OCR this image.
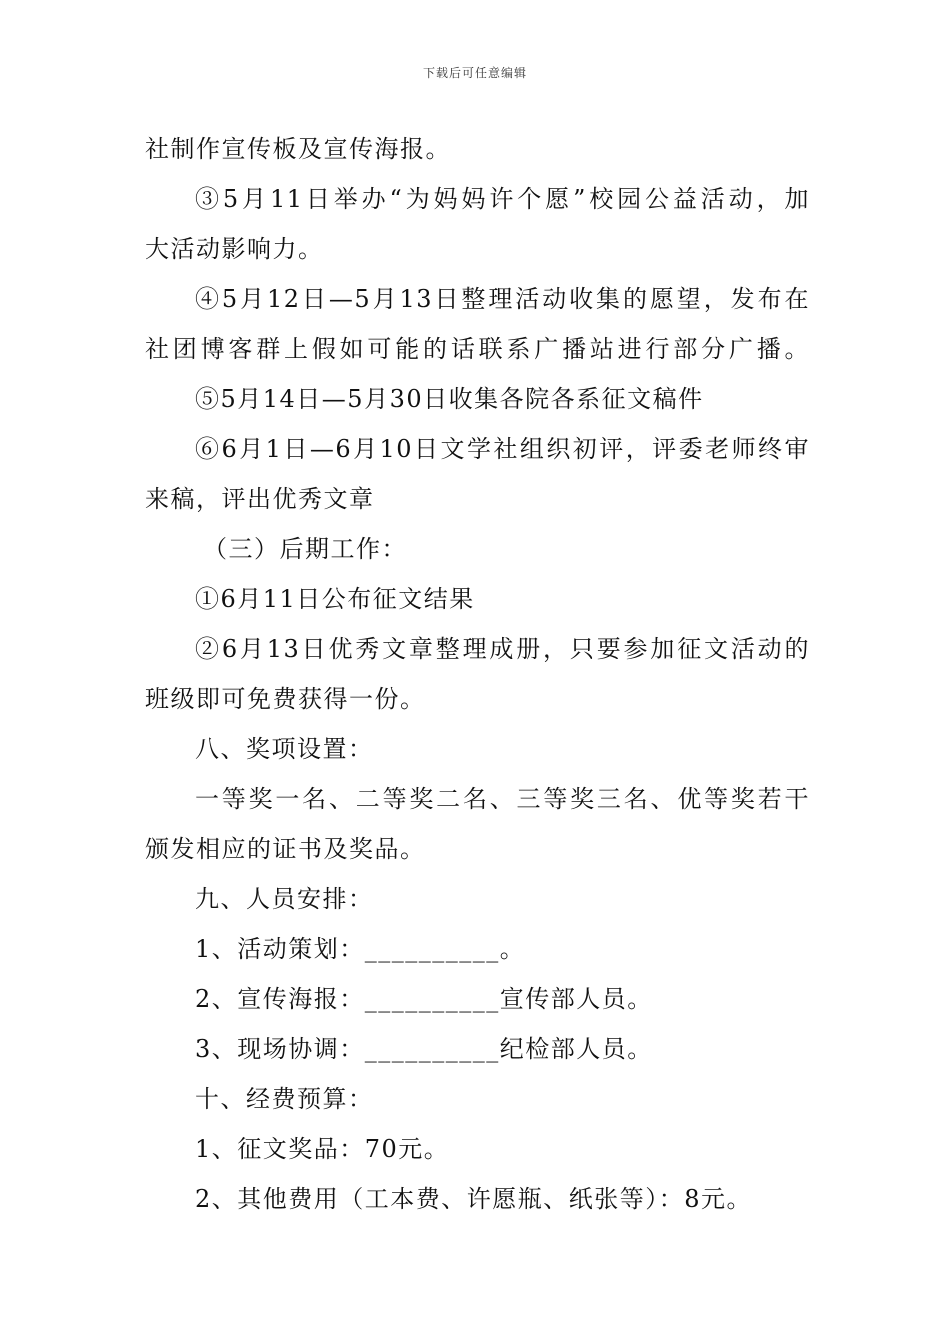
下载后可任意编辑
社制作宣传板及宣传海报。
③5月11日举办“为妈妈许个愿”校园公益活动，加
大活动影响力。
④5月12日—5月13日整理活动收集的愿望，发布在
社团博客群上假如可能的话联系广播站进行部分广播。
⑤5月14日—5月30日收集各院各系征文稿件
⑥6月1日—6月10日文学社组织初评，评委老师终审
来稿，评出优秀文章
（三）后期工作：
①6月11日公布征文结果
②6月13日优秀文章整理成册，只要参加征文活动的
班级即可免费获得一份。
八、奖项设置：
一等奖一名、二等奖二名、三等奖三名、优等奖若干
颁发相应的证书及奖品。
九、人员安排：
1、活动策划：__________。
2、宣传海报：__________宣传部人员。
3、现场协调：__________纪检部人员。
十、经费预算：
1、征文奖品：70元。
2、其他费用（工本费、许愿瓶、纸张等）：8元。
